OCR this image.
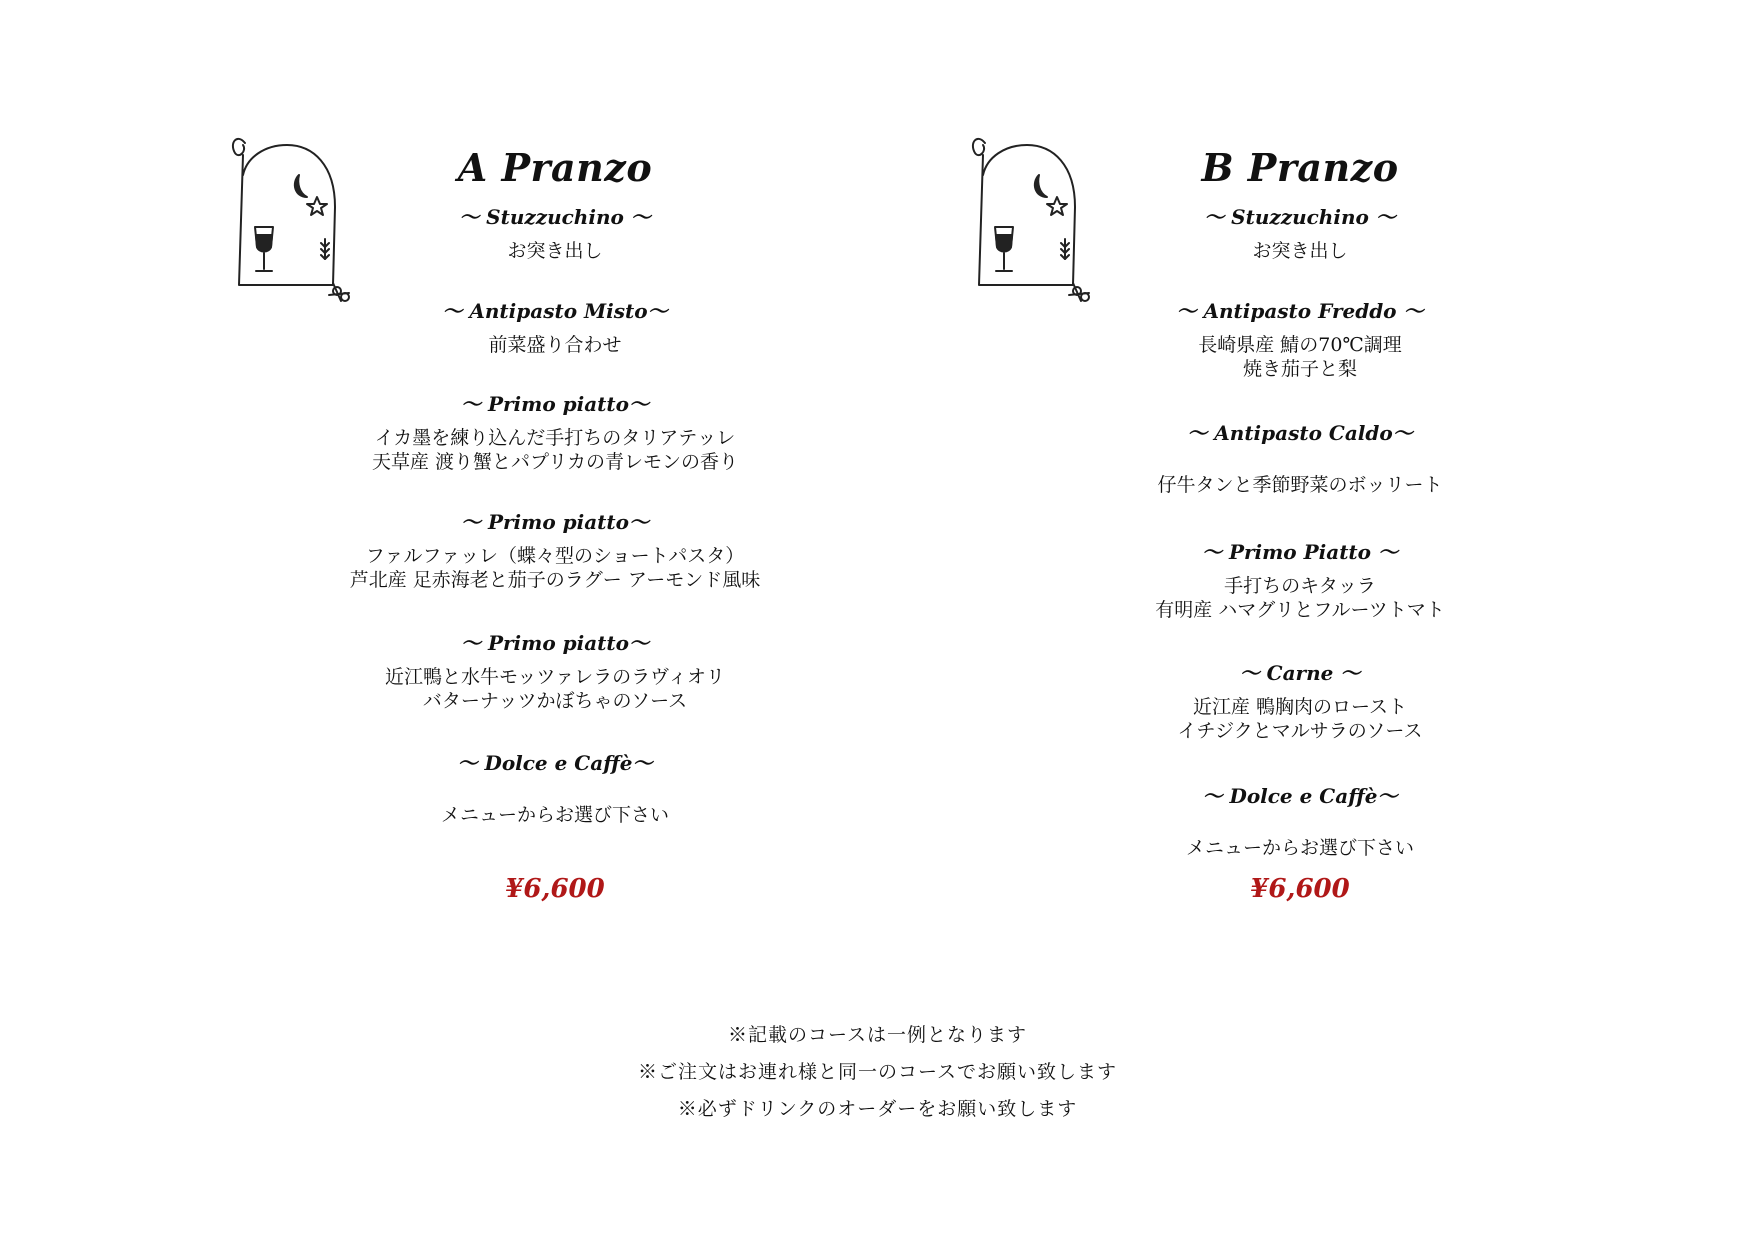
A Pranzo

～ Stuzzuchino ～

お突き出し

～ Antipasto Misto～

前菜盛り合わせ

～ Primo piatto～

イカ墨を練り込んだ手打ちのタリアテッレ
天草産 渡り蟹とパプリカの青レモンの香り

～ Primo piatto～

ファルファッレ（蝶々型のショートパスタ）
芦北産 足赤海老と茄子のラグー アーモンド風味

～ Primo piatto～

近江鴨と水牛モッツァレラのラヴィオリ
バターナッツかぼちゃのソース

～ Dolce e Caffè～

メニューからお選び下さい

¥6,600
B Pranzo

～ Stuzzuchino ～

お突き出し

～ Antipasto Freddo ～

長崎県産 鯖の70℃調理
焼き茄子と梨

～ Antipasto Caldo～

仔牛タンと季節野菜のボッリート

～ Primo Piatto ～

手打ちのキタッラ
有明産 ハマグリとフルーツトマト

～ Carne ～

近江産 鴨胸肉のロースト
イチジクとマルサラのソース

～ Dolce e Caffè～

メニューからお選び下さい

¥6,600
※記載のコースは一例となります
※ご注文はお連れ様と同一のコースでお願い致します
※必ずドリンクのオーダーをお願い致します
